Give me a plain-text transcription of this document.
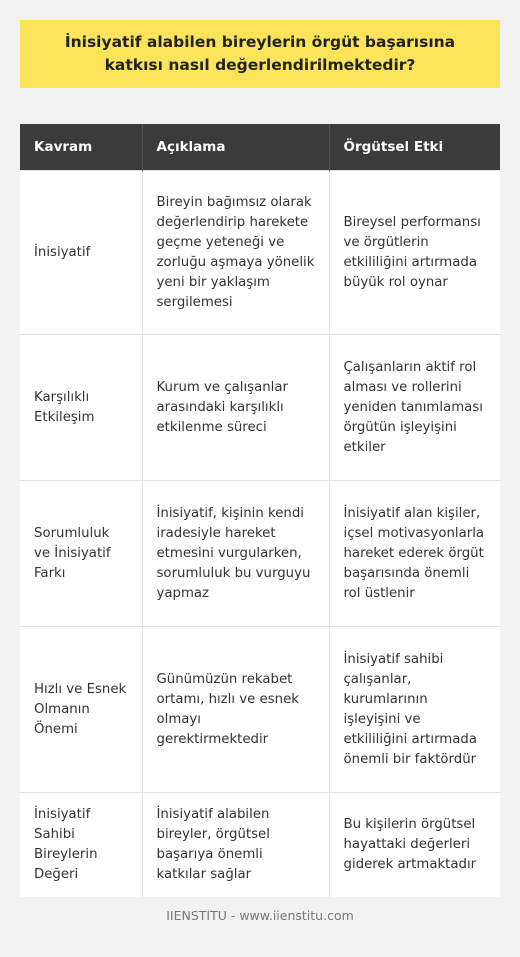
İnisiyatif alabilen bireylerin örgüt başarısına katkısı nasıl değerlendirilmektedir?
Kavram	Açıklama	Örgütsel Etki
İnisiyatif	Bireyin bağımsız olarak değerlendirip harekete geçme yeteneği ve zorluğu aşmaya yönelik yeni bir yaklaşım sergilemesi	Bireysel performansı ve örgütlerin etkililiğini artırmada büyük rol oynar
Karşılıklı Etkileşim	Kurum ve çalışanlar arasındaki karşılıklı etkilenme süreci	Çalışanların aktif rol alması ve rollerini yeniden tanımlaması örgütün işleyişini etkiler
Sorumluluk ve İnisiyatif Farkı	İnisiyatif, kişinin kendi iradesiyle hareket etmesini vurgularken, sorumluluk bu vurguyu yapmaz	İnisiyatif alan kişiler, içsel motivasyonlarla hareket ederek örgüt başarısında önemli rol üstlenir
Hızlı ve Esnek Olmanın Önemi	Günümüzün rekabet ortamı, hızlı ve esnek olmayı gerektirmektedir	İnisiyatif sahibi çalışanlar, kurumlarının işleyişini ve etkililiğini artırmada önemli bir faktördür
İnisiyatif Sahibi Bireylerin Değeri	İnisiyatif alabilen bireyler, örgütsel başarıya önemli katkılar sağlar	Bu kişilerin örgütsel hayattaki değerleri giderek artmaktadır
IIENSTITU - www.iienstitu.com
